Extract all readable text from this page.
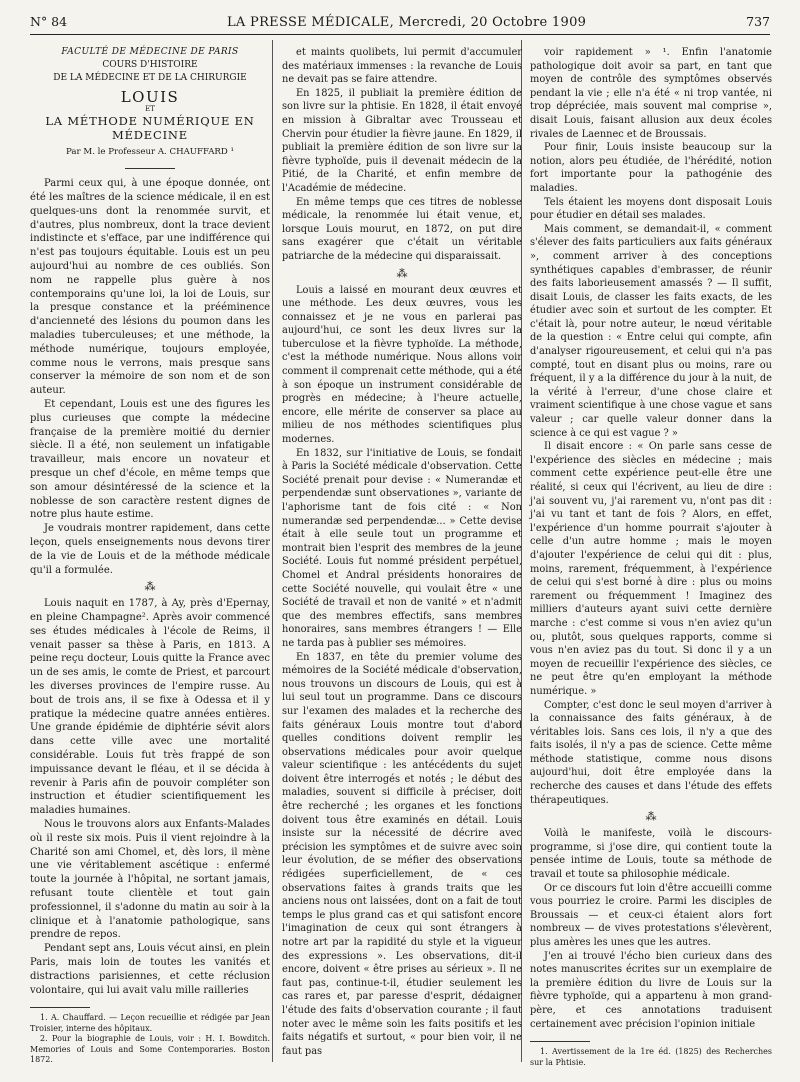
N° 84	LA PRESSE MÉDICALE, Mercredi, 20 Octobre 1909	737

FACULTÉ DE MÉDECINE DE PARIS

COURS D'HISTOIRE

DE LA MÉDECINE ET DE LA CHIRURGIE

LOUIS

ET

LA MÉTHODE NUMÉRIQUE EN MÉDECINE

Par M. le Professeur A. CHAUFFARD ¹

Parmi ceux qui, à une époque donnée, ont été les maîtres de la science médicale, il en est quelques-uns dont la renommée survit, et d'autres, plus nombreux, dont la trace devient indistincte et s'efface, par une indifférence qui n'est pas toujours équitable. Louis est un peu aujourd'hui au nombre de ces oubliés. Son nom ne rappelle plus guère à nos contemporains qu'une loi, la loi de Louis, sur la presque constance et la prééminence d'ancienneté des lésions du poumon dans les maladies tuberculeuses; et une méthode, la méthode numérique, toujours employée, comme nous le verrons, mais presque sans conserver la mémoire de son nom et de son auteur.

Et cependant, Louis est une des figures les plus curieuses que compte la médecine française de la première moitié du dernier siècle. Il a été, non seulement un infatigable travailleur, mais encore un novateur et presque un chef d'école, en même temps que son amour désintéressé de la science et la noblesse de son caractère restent dignes de notre plus haute estime.

Je voudrais montrer rapidement, dans cette leçon, quels enseignements nous devons tirer de la vie de Louis et de la méthode médicale qu'il a formulée.

⁂

Louis naquit en 1787, à Ay, près d'Epernay, en pleine Champagne². Après avoir commencé ses études médicales à l'école de Reims, il venait passer sa thèse à Paris, en 1813. A peine reçu docteur, Louis quitte la France avec un de ses amis, le comte de Priest, et parcourt les diverses provinces de l'empire russe. Au bout de trois ans, il se fixe à Odessa et il y pratique la médecine quatre années entières. Une grande épidémie de diphtérie sévit alors dans cette ville avec une mortalité considérable. Louis fut très frappé de son impuissance devant le fléau, et il se décida à revenir à Paris afin de pouvoir compléter son instruction et étudier scientifiquement les maladies humaines.

Nous le trouvons alors aux Enfants-Malades où il reste six mois. Puis il vient rejoindre à la Charité son ami Chomel, et, dès lors, il mène une vie véritablement ascétique : enfermé toute la journée à l'hôpital, ne sortant jamais, refusant toute clientèle et tout gain professionnel, il s'adonne du matin au soir à la clinique et à l'anatomie pathologique, sans prendre de repos.

Pendant sept ans, Louis vécut ainsi, en plein Paris, mais loin de toutes les vanités et distractions parisiennes, et cette réclusion volontaire, qui lui avait valu mille railleries

1. A. Chauffard. — Leçon recueillie et rédigée par Jean Troisier, interne des hôpitaux.

2. Pour la biographie de Louis, voir : H. I. Bowditch. Memories of Louis and Some Contemporaries. Boston 1872.

et maints quolibets, lui permit d'accumuler des matériaux immenses : la revanche de Louis ne devait pas se faire attendre.

En 1825, il publiait la première édition de son livre sur la phtisie. En 1828, il était envoyé en mission à Gibraltar avec Trousseau et Chervin pour étudier la fièvre jaune. En 1829, il publiait la première édition de son livre sur la fièvre typhoïde, puis il devenait médecin de la Pitié, de la Charité, et enfin membre de l'Académie de médecine.

En même temps que ces titres de noblesse médicale, la renommée lui était venue, et, lorsque Louis mourut, en 1872, on put dire sans exagérer que c'était un véritable patriarche de la médecine qui disparaissait.

⁂

Louis a laissé en mourant deux œuvres et une méthode. Les deux œuvres, vous les connaissez et je ne vous en parlerai pas aujourd'hui, ce sont les deux livres sur la tuberculose et la fièvre typhoïde. La méthode, c'est la méthode numérique. Nous allons voir comment il comprenait cette méthode, qui a été à son époque un instrument considérable de progrès en médecine; à l'heure actuelle, encore, elle mérite de conserver sa place au milieu de nos méthodes scientifiques plus modernes.

En 1832, sur l'initiative de Louis, se fondait à Paris la Société médicale d'observation. Cette Société prenait pour devise : « Numerandæ et perpendendæ sunt observationes », variante de l'aphorisme tant de fois cité : « Non numerandæ sed perpendendæ... » Cette devise était à elle seule tout un programme et montrait bien l'esprit des membres de la jeune Société. Louis fut nommé président perpétuel, Chomel et Andral présidents honoraires de cette Société nouvelle, qui voulait être « une Société de travail et non de vanité » et n'admit que des membres effectifs, sans membres honoraires, sans membres étrangers ! — Elle ne tarda pas à publier ses mémoires.

En 1837, en tête du premier volume des mémoires de la Société médicale d'observation, nous trouvons un discours de Louis, qui est à lui seul tout un programme. Dans ce discours sur l'examen des malades et la recherche des faits généraux Louis montre tout d'abord quelles conditions doivent remplir les observations médicales pour avoir quelque valeur scientifique : les antécédents du sujet doivent être interrogés et notés ; le début des maladies, souvent si difficile à préciser, doit être recherché ; les organes et les fonctions doivent tous être examinés en détail. Louis insiste sur la nécessité de décrire avec précision les symptômes et de suivre avec soin leur évolution, de se méfier des observations rédigées superficiellement, de « ces observations faites à grands traits que les anciens nous ont laissées, dont on a fait de tout temps le plus grand cas et qui satisfont encore l'imagination de ceux qui sont étrangers à notre art par la rapidité du style et la vigueur des expressions ». Les observations, dit-il encore, doivent « être prises au sérieux ». Il ne faut pas, continue-t-il, étudier seulement les cas rares et, par paresse d'esprit, dédaigner l'étude des faits d'observation courante ; il faut noter avec le même soin les faits positifs et les faits négatifs et surtout, « pour bien voir, il ne faut pas

voir rapidement » ¹. Enfin l'anatomie pathologique doit avoir sa part, en tant que moyen de contrôle des symptômes observés pendant la vie ; elle n'a été « ni trop vantée, ni trop dépréciée, mais souvent mal comprise », disait Louis, faisant allusion aux deux écoles rivales de Laennec et de Broussais.

Pour finir, Louis insiste beaucoup sur la notion, alors peu étudiée, de l'hérédité, notion fort importante pour la pathogénie des maladies.

Tels étaient les moyens dont disposait Louis pour étudier en détail ses malades.

Mais comment, se demandait-il, « comment s'élever des faits particuliers aux faits généraux », comment arriver à des conceptions synthétiques capables d'embrasser, de réunir des faits laborieusement amassés ? — Il suffit, disait Louis, de classer les faits exacts, de les étudier avec soin et surtout de les compter. Et c'était là, pour notre auteur, le nœud véritable de la question : « Entre celui qui compte, afin d'analyser rigoureusement, et celui qui n'a pas compté, tout en disant plus ou moins, rare ou fréquent, il y a la différence du jour à la nuit, de la vérité à l'erreur, d'une chose claire et vraiment scientifique à une chose vague et sans valeur ; car quelle valeur donner dans la science à ce qui est vague ? »

Il disait encore : « On parle sans cesse de l'expérience des siècles en médecine ; mais comment cette expérience peut-elle être une réalité, si ceux qui l'écrivent, au lieu de dire : j'ai souvent vu, j'ai rarement vu, n'ont pas dit : j'ai vu tant et tant de fois ? Alors, en effet, l'expérience d'un homme pourrait s'ajouter à celle d'un autre homme ; mais le moyen d'ajouter l'expérience de celui qui dit : plus, moins, rarement, fréquemment, à l'expérience de celui qui s'est borné à dire : plus ou moins rarement ou fréquemment ! Imaginez des milliers d'auteurs ayant suivi cette dernière marche : c'est comme si vous n'en aviez qu'un ou, plutôt, sous quelques rapports, comme si vous n'en aviez pas du tout. Si donc il y a un moyen de recueillir l'expérience des siècles, ce ne peut être qu'en employant la méthode numérique. »

Compter, c'est donc le seul moyen d'arriver à la connaissance des faits généraux, à de véritables lois. Sans ces lois, il n'y a que des faits isolés, il n'y a pas de science. Cette même méthode statistique, comme nous disons aujourd'hui, doit être employée dans la recherche des causes et dans l'étude des effets thérapeutiques.

⁂

Voilà le manifeste, voilà le discours-programme, si j'ose dire, qui contient toute la pensée intime de Louis, toute sa méthode de travail et toute sa philosophie médicale.

Or ce discours fut loin d'être accueilli comme vous pourriez le croire. Parmi les disciples de Broussais — et ceux-ci étaient alors fort nombreux — de vives protestations s'élevèrent, plus amères les unes que les autres.

J'en ai trouvé l'écho bien curieux dans des notes manuscrites écrites sur un exemplaire de la première édition du livre de Louis sur la fièvre typhoïde, qui a appartenu à mon grand-père, et ces annotations traduisent certainement avec précision l'opinion initiale

1. Avertissement de la 1re éd. (1825) des Recherches sur la Phtisie.
